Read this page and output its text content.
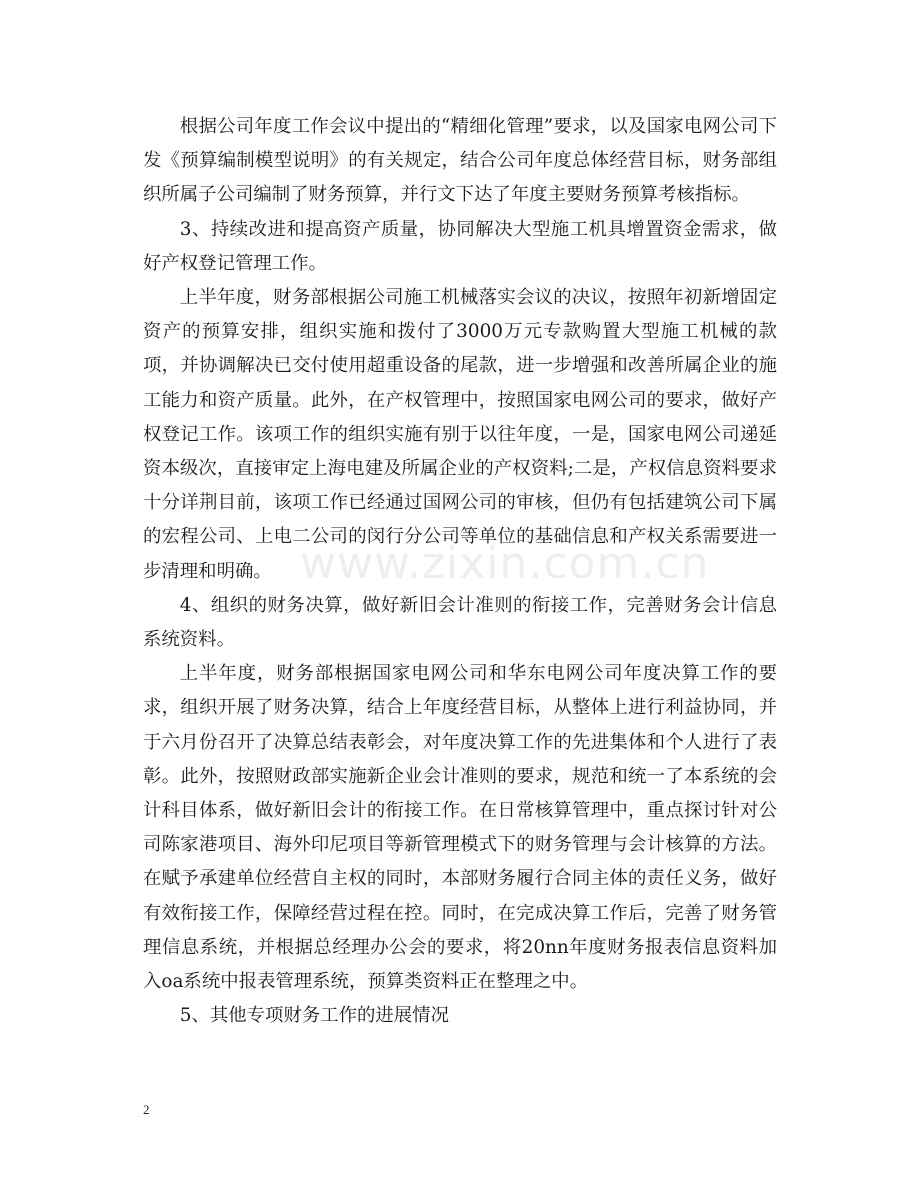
根据公司年度工作会议中提出的“精细化管理”要求，以及国家电网公司下发《预算编制模型说明》的有关规定，结合公司年度总体经营目标，财务部组织所属子公司编制了财务预算，并行文下达了年度主要财务预算考核指标。

3、持续改进和提高资产质量，协同解决大型施工机具增置资金需求，做好产权登记管理工作。

上半年度，财务部根据公司施工机械落实会议的决议，按照年初新增固定资产的预算安排，组织实施和拨付了3000万元专款购置大型施工机械的款项，并协调解决已交付使用超重设备的尾款，进一步增强和改善所属企业的施工能力和资产质量。此外，在产权管理中，按照国家电网公司的要求，做好产权登记工作。该项工作的组织实施有别于以往年度，一是，国家电网公司递延资本级次，直接审定上海电建及所属企业的产权资料;二是，产权信息资料要求十分详荆目前，该项工作已经通过国网公司的审核，但仍有包括建筑公司下属的宏程公司、上电二公司的闵行分公司等单位的基础信息和产权关系需要进一步清理和明确。

4、组织的财务决算，做好新旧会计准则的衔接工作，完善财务会计信息系统资料。

上半年度，财务部根据国家电网公司和华东电网公司年度决算工作的要求，组织开展了财务决算，结合上年度经营目标，从整体上进行利益协同，并于六月份召开了决算总结表彰会，对年度决算工作的先进集体和个人进行了表彰。此外，按照财政部实施新企业会计准则的要求，规范和统一了本系统的会计科目体系，做好新旧会计的衔接工作。在日常核算管理中，重点探讨针对公司陈家港项目、海外印尼项目等新管理模式下的财务管理与会计核算的方法。在赋予承建单位经营自主权的同时，本部财务履行合同主体的责任义务，做好有效衔接工作，保障经营过程在控。同时，在完成决算工作后，完善了财务管理信息系统，并根据总经理办公会的要求，将20nn年度财务报表信息资料加入oa系统中报表管理系统，预算类资料正在整理之中。

5、其他专项财务工作的进展情况

www.zixin.com.cn
2
